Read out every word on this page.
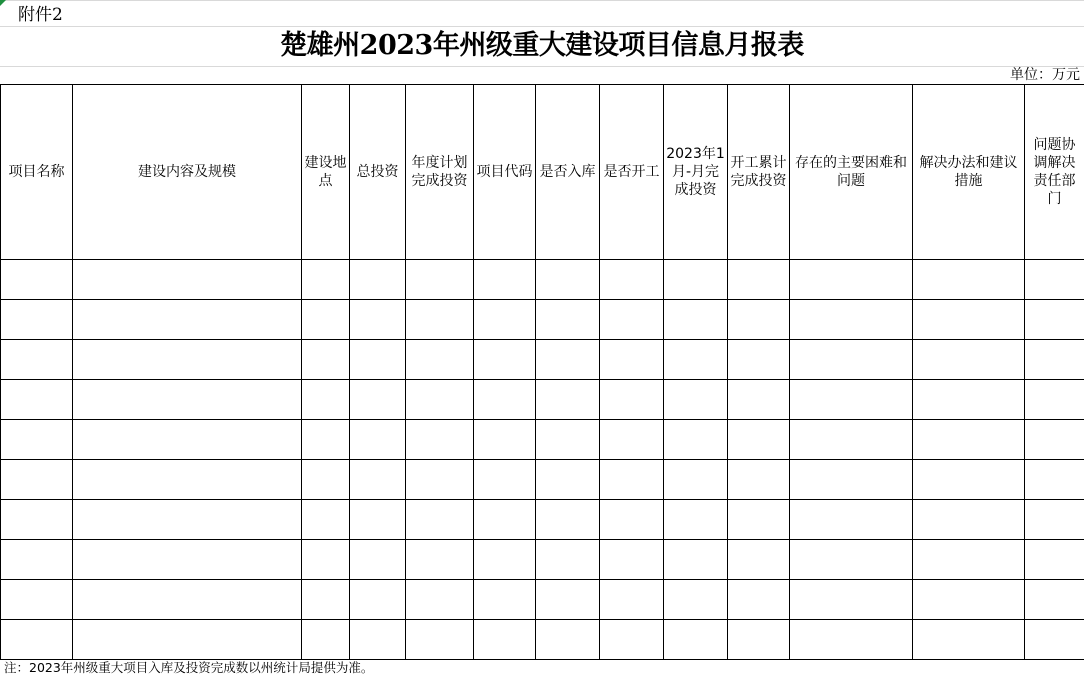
附件2
楚雄州2023年州级重大建设项目信息月报表
单位：万元
项目名称	建设内容及规模	建设地点	总投资	年度计划完成投资	项目代码	是否入库	是否开工	2023年1月-月完成投资	开工累计完成投资	存在的主要困难和问题	解决办法和建议措施	问题协调解决责任部门

注：2023年州级重大项目入库及投资完成数以州统计局提供为准。
